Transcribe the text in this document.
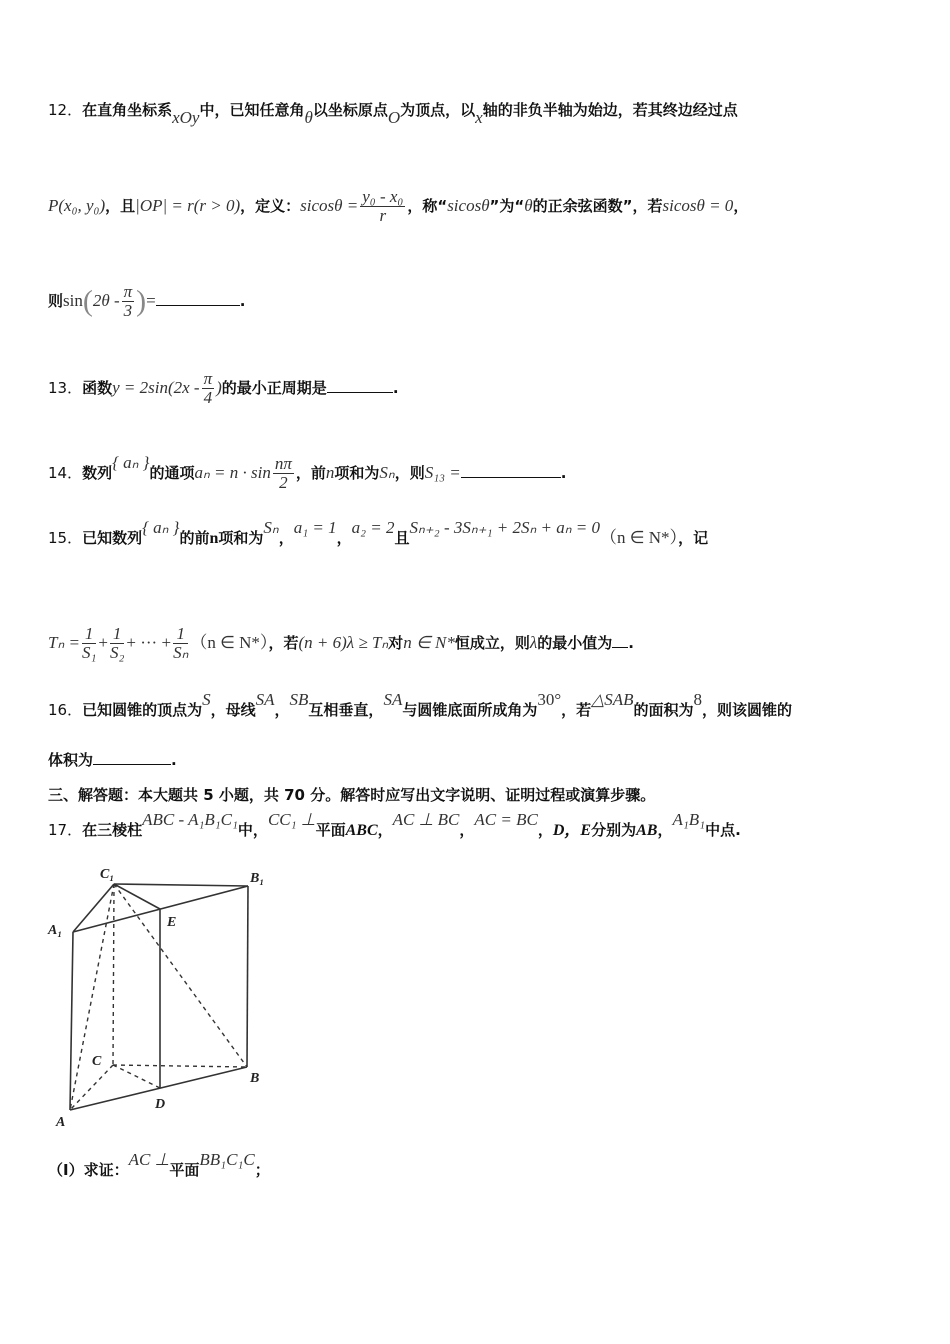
12．在直角坐标系xOy中，已知任意角θ以坐标原点O为顶点，以x轴的非负半轴为始边，若其终边经过点
P(x₀, y₀)，且|OP| = r(r > 0)，定义：$sicos\theta = \frac{\text{y₀ - x₀}}{r}$ ，称“sicosθ”为“θ的正余弦函数”，若sicosθ = 0，
则$\sin(2\theta - \frac{\pi}{3}$ )=	.
13．函数$y = 2\sin(2x - \frac{\pi}{4}$ )的最小正周期是	.
14．数列{ aₙ }的通项$a_n = n \cdot \sin \frac{n\pi}{2}$ ，前n项和为Sₙ，则S₁₃ =	.
15．已知数列{ aₙ }的前n项和为Sₙ，a₁ = 1，a₂ = 2且Sₙ₊₂ - 3Sₙ₊₁ + 2Sₙ + aₙ = 0（n ∈ N*），记
$T_n = \frac{1}{\text{S₁}} + \frac{1}{\text{S₂}}$ + ··· + $\frac{1}{\text{Sₙ}} (n$ ∈ N*），若(n + 6)λ ≥ Tₙ对n ∈ N*恒成立，则λ的最小值为 .
16．已知圆锥的顶点为S，母线SA，SB互相垂直，SA与圆锥底面所成角为30°，若△SAB的面积为8，则该圆锥的
体积为	.
三、解答题：本大题共 5 小题，共 70 分。解答时应写出文字说明、证明过程或演算步骤。
17．在三棱柱ABC - A₁B₁C₁中，CC₁ ⊥平面ABC，AC ⊥ BC，AC = BC，D，E分别为AB，A₁B₁中点.
C₁	B₁
A₁
E
C
B
A
D
（Ⅰ）求证：AC ⊥平面BB₁C₁C；
